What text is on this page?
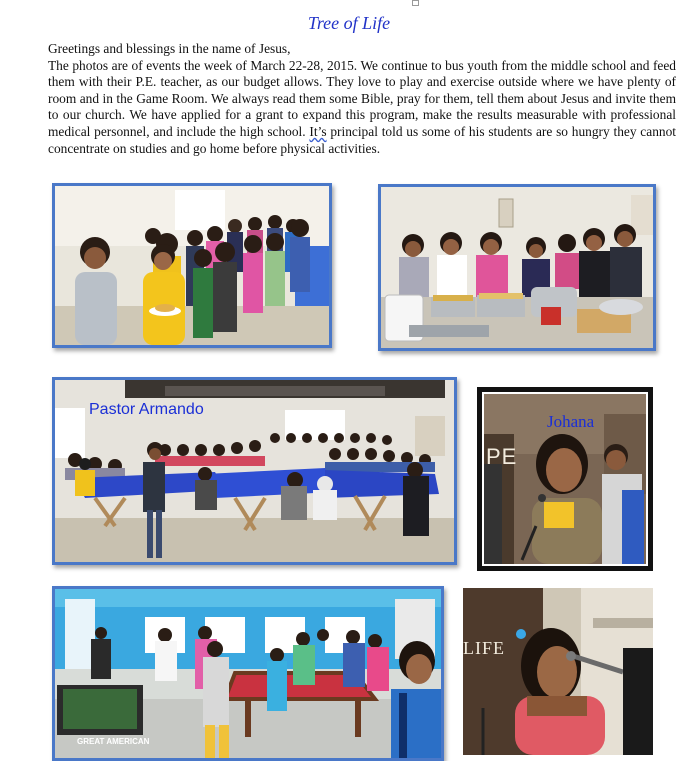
Tree of Life

Greetings and blessings in the name of Jesus,

The photos are of events the week of March 22-28, 2015. We continue to bus youth from the middle school and feed them with their P.E. teacher, as our budget allows. They love to play and exercise outside where we have plenty of room and in the Game Room. We always read them some Bible, pray for them, tell them about Jesus and invite them to our church. We have applied for a grant to expand this program, make the results measurable with professional medical personnel, and include the high school. It’s principal told us some of his students are so hungry they cannot concentrate on studies and go home before physical activities.

Pastor Armando
PE
Johana
GREAT AMERICAN
LIFE
